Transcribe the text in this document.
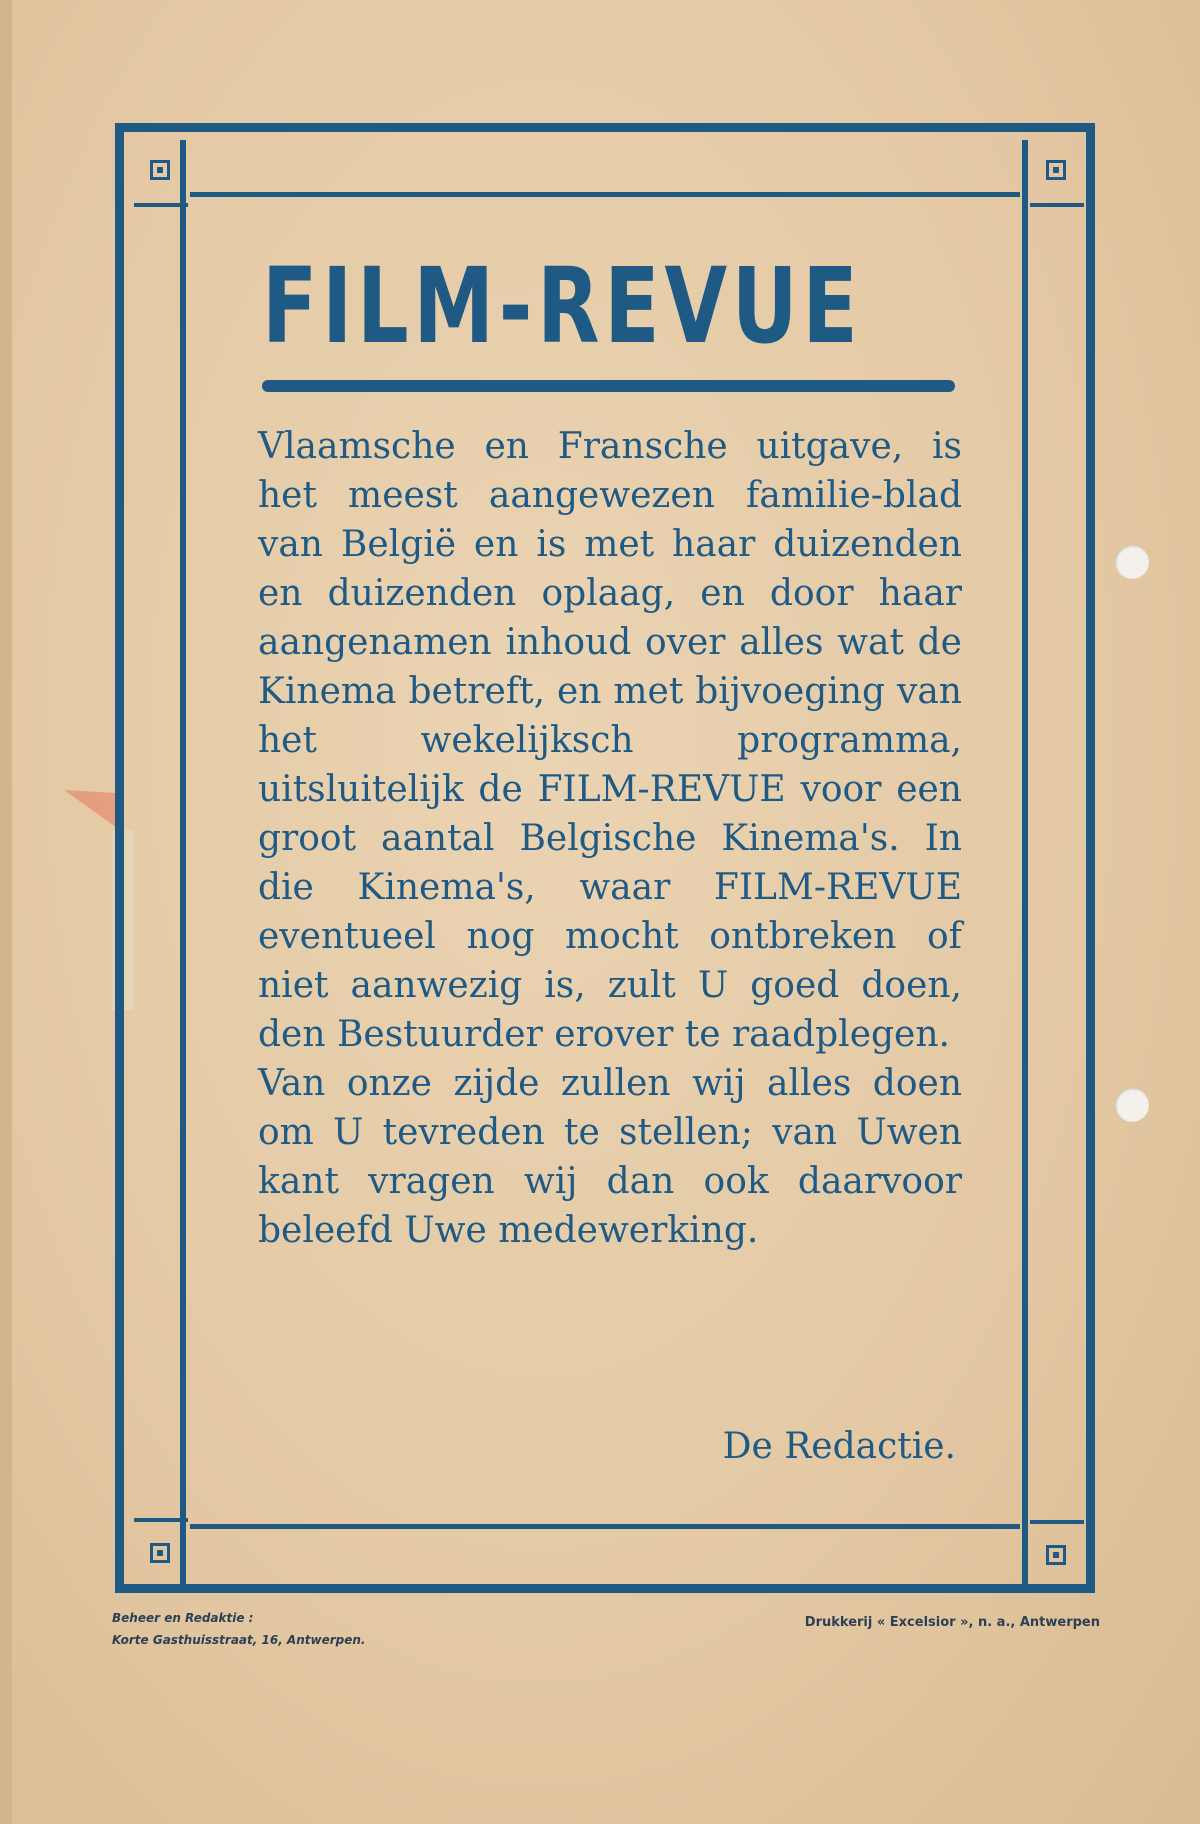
FILM-REVUE

Vlaamsche en Fransche uitgave, is het meest aangewezen familie-blad van België en is met haar duizenden en duizenden oplaag, en door haar aangenamen inhoud over alles wat de Kinema betreft, en met bijvoeging van het wekelijksch programma, uitsluitelijk de FILM-REVUE voor een groot aantal Belgische Kinema's. In die Kinema's, waar FILM-REVUE eventueel nog mocht ontbreken of niet aanwezig is, zult U goed doen, den Bestuurder erover te raadplegen.

Van onze zijde zullen wij alles doen om U tevreden te stellen; van Uwen kant vragen wij dan ook daarvoor beleefd Uwe medewerking.

De Redactie.
Beheer en Redaktie :
Korte Gasthuisstraat, 16, Antwerpen.
Drukkerij « Excelsior », n. a., Antwerpen
